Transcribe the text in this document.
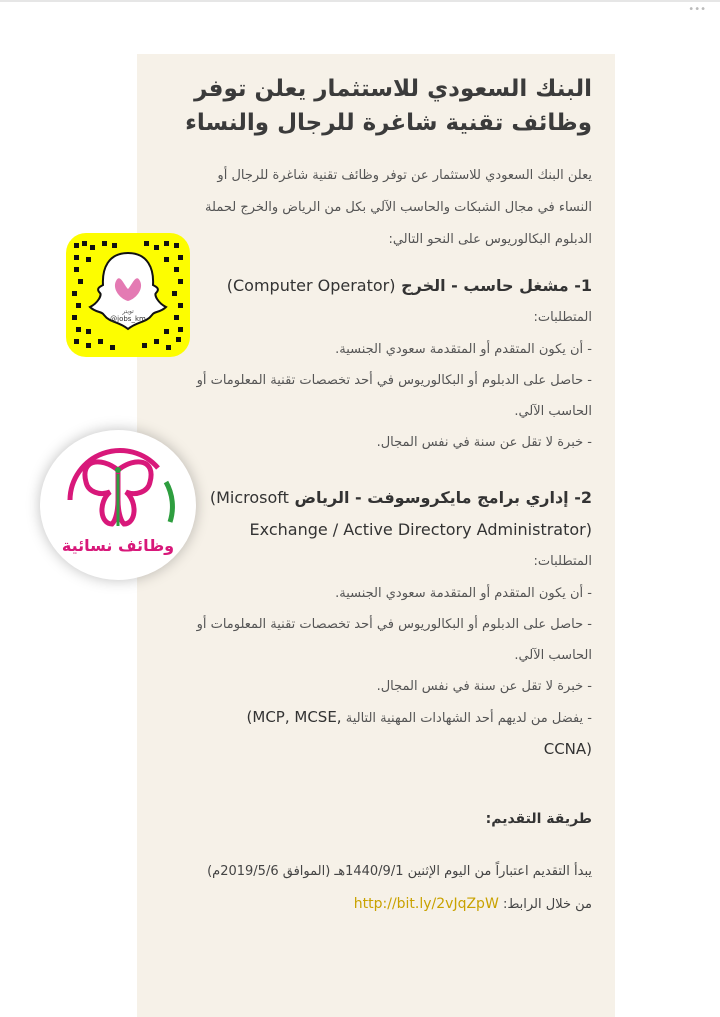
•••
البنك السعودي للاستثمار يعلن توفر
وظائف تقنية شاغرة للرجال والنساء
يعلن البنك السعودي للاستثمار عن توفر وظائف تقنية شاغرة للرجال أو
النساء في مجال الشبكات والحاسب الآلي بكل من الرياض والخرج لحملة
الدبلوم البكالوريوس على النحو التالي:
1- مشغل حاسب - الخرج (Computer Operator)
المتطلبات:
- أن يكون المتقدم أو المتقدمة سعودي الجنسية.
- حاصل على الدبلوم أو البكالوريوس في أحد تخصصات تقنية المعلومات أو
الحاسب الآلي.
- خبرة لا تقل عن سنة في نفس المجال.
2- إداري برامج مايكروسوفت - الرياض (Microsoft
Exchange / Active Directory Administrator)
المتطلبات:
- أن يكون المتقدم أو المتقدمة سعودي الجنسية.
- حاصل على الدبلوم أو البكالوريوس في أحد تخصصات تقنية المعلومات أو
الحاسب الآلي.
- خبرة لا تقل عن سنة في نفس المجال.
- يفضل من لديهم أحد الشهادات المهنية التالية (MCP, MCSE,
CCNA)
طريقة التقديم:
يبدأ التقديم اعتباراً من اليوم الإثنين 1440/9/1هـ (الموافق 2019/5/6م)
من خلال الرابط: http://bit.ly/2vJqZpW
تويتر
@jobs_km
وظائف نسائية
